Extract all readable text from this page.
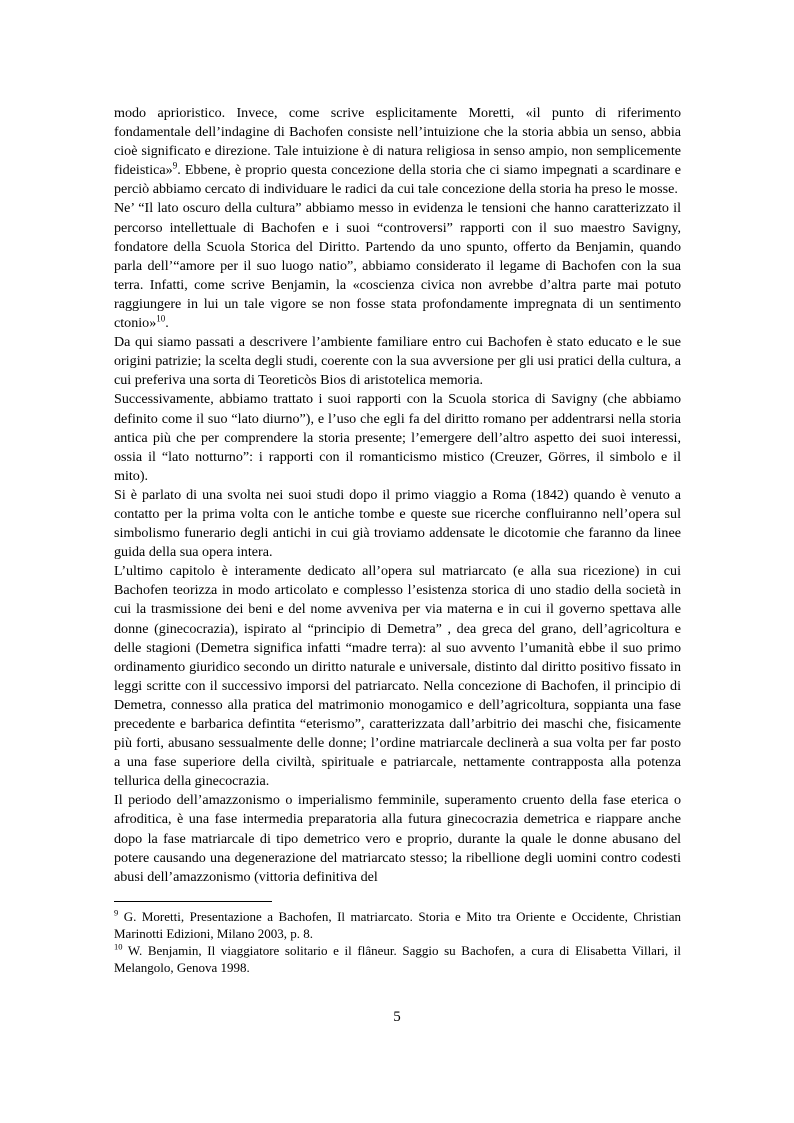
modo aprioristico. Invece, come scrive esplicitamente Moretti, «il punto di riferimento fondamentale dell’indagine di Bachofen consiste nell’intuizione che la storia abbia un senso, abbia cioè significato e direzione. Tale intuizione è di natura religiosa in senso ampio, non semplicemente fideistica»$^9$. Ebbene, è proprio questa concezione della storia che ci siamo impegnati a scardinare e perciò abbiamo cercato di individuare le radici da cui tale concezione della storia ha preso le mosse.

Ne’ “Il lato oscuro della cultura” abbiamo messo in evidenza le tensioni che hanno caratterizzato il percorso intellettuale di Bachofen e i suoi “controversi” rapporti con il suo maestro Savigny, fondatore della Scuola Storica del Diritto. Partendo da uno spunto, offerto da Benjamin, quando parla dell’“amore per il suo luogo natio”, abbiamo considerato il legame di Bachofen con la sua terra. Infatti, come scrive Benjamin, la «coscienza civica non avrebbe d’altra parte mai potuto raggiungere in lui un tale vigore se non fosse stata profondamente impregnata di un sentimento ctonio»$^{10}$.

Da qui siamo passati a descrivere l’ambiente familiare entro cui Bachofen è stato educato e le sue origini patrizie; la scelta degli studi, coerente con la sua avversione per gli usi pratici della cultura, a cui preferiva una sorta di Teoreticòs Bios di aristotelica memoria.

Successivamente, abbiamo trattato i suoi rapporti con la Scuola storica di Savigny (che abbiamo definito come il suo “lato diurno”), e l’uso che egli fa del diritto romano per addentrarsi nella storia antica più che per comprendere la storia presente; l’emergere dell’altro aspetto dei suoi interessi, ossia il “lato notturno”: i rapporti con il romanticismo mistico (Creuzer, Görres, il simbolo e il mito).

Si è parlato di una svolta nei suoi studi dopo il primo viaggio a Roma (1842) quando è venuto a contatto per la prima volta con le antiche tombe e queste sue ricerche confluiranno nell’opera sul simbolismo funerario degli antichi in cui già troviamo addensate le dicotomie che faranno da linee guida della sua opera intera.

L’ultimo capitolo è interamente dedicato all’opera sul matriarcato (e alla sua ricezione) in cui Bachofen teorizza in modo articolato e complesso l’esistenza storica di uno stadio della società in cui la trasmissione dei beni e del nome avveniva per via materna e in cui il governo spettava alle donne (ginecocrazia), ispirato al “principio di Demetra” , dea greca del grano, dell’agricoltura e delle stagioni (Demetra significa infatti “madre terra): al suo avvento l’umanità ebbe il suo primo ordinamento giuridico secondo un diritto naturale e universale, distinto dal diritto positivo fissato in leggi scritte con il successivo imporsi del patriarcato. Nella concezione di Bachofen, il principio di Demetra, connesso alla pratica del matrimonio monogamico e dell’agricoltura, soppianta una fase precedente e barbarica defintita “eterismo”, caratterizzata dall’arbitrio dei maschi che, fisicamente più forti, abusano sessualmente delle donne; l’ordine matriarcale declinerà a sua volta per far posto a una fase superiore della civiltà, spirituale e patriarcale, nettamente contrapposta alla potenza tellurica della ginecocrazia.

Il periodo dell’amazzonismo o imperialismo femminile, superamento cruento della fase eterica o afroditica, è una fase intermedia preparatoria alla futura ginecocrazia demetrica e riappare anche dopo la fase matriarcale di tipo demetrico vero e proprio, durante la quale le donne abusano del potere causando una degenerazione del matriarcato stesso; la ribellione degli uomini contro codesti abusi dell’amazzonismo (vittoria definitiva del

$^9$ G. Moretti, Presentazione a Bachofen, Il matriarcato. Storia e Mito tra Oriente e Occidente, Christian Marinotti Edizioni, Milano 2003, p. 8.

$^{10}$ W. Benjamin, Il viaggiatore solitario e il flâneur. Saggio su Bachofen, a cura di Elisabetta Villari, il Melangolo, Genova 1998.

5
